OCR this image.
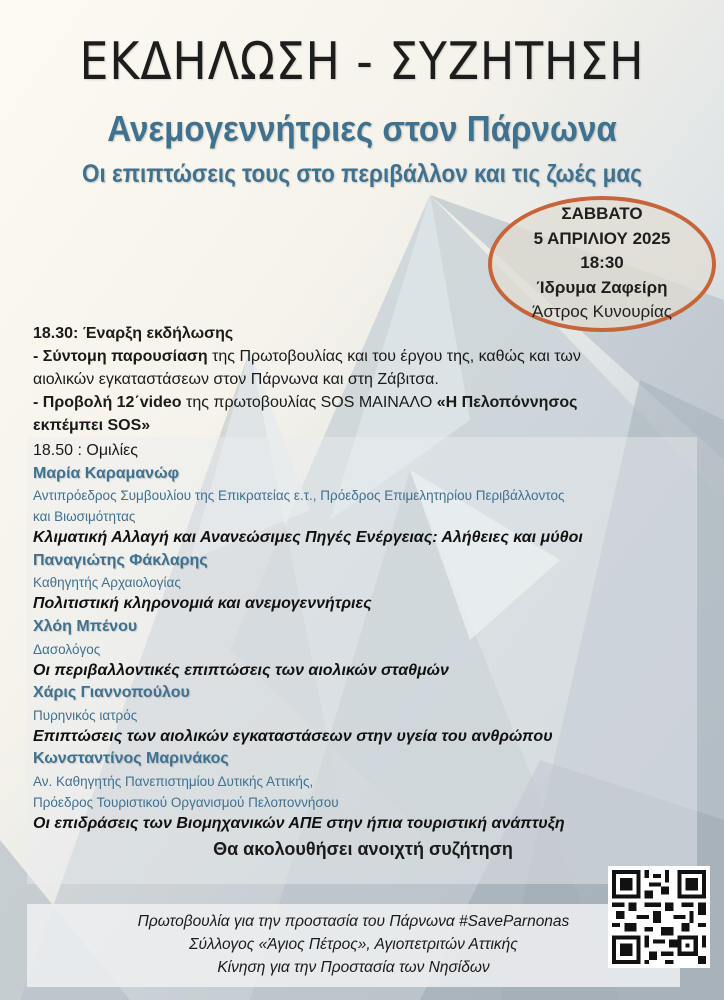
ΕΚΔΗΛΩΣΗ - ΣΥΖΗΤΗΣΗ
Ανεμογεννήτριες στον Πάρνωνα
Οι επιπτώσεις τους στο περιβάλλον και τις ζωές μας
ΣΑΒΒΑΤΟ
5 ΑΠΡΙΛΙΟΥ 2025
18:30
Ίδρυμα Ζαφείρη
Άστρος Κυνουρίας
18.30: Έναρξη εκδήλωσης
- Σύντομη παρουσίαση της Πρωτοβουλίας και του έργου της, καθώς και των
αιολικών εγκαταστάσεων στον Πάρνωνα και στη Ζάβιτσα.
- Προβολή 12΄video της πρωτοβουλίας SOS ΜΑΙΝΑΛΟ «Η Πελοπόννησος
εκπέμπει SOS»
18.50 : Ομιλίες
Μαρία Καραμανώφ
Αντιπρόεδρος Συμβουλίου της Επικρατείας ε.τ., Πρόεδρος Επιμελητηρίου Περιβάλλοντος
και Βιωσιμότητας
Κλιματική Αλλαγή και Ανανεώσιμες Πηγές Ενέργειας: Αλήθειες και μύθοι
Παναγιώτης Φάκλαρης
Καθηγητής Αρχαιολογίας
Πολιτιστική κληρονομιά και ανεμογεννήτριες
Χλόη Μπένου
Δασολόγος
Οι περιβαλλοντικές επιπτώσεις των αιολικών σταθμών
Χάρις Γιαννοπούλου
Πυρηνικός ιατρός
Επιπτώσεις των αιολικών εγκαταστάσεων στην υγεία του ανθρώπου
Κωνσταντίνος Μαρινάκος
Αν. Καθηγητής Πανεπιστημίου Δυτικής Αττικής,
Πρόεδρος Τουριστικού Οργανισμού Πελοποννήσου
Οι επιδράσεις των Βιομηχανικών ΑΠΕ στην ήπια τουριστική ανάπτυξη
Θα ακολουθήσει ανοιχτή συζήτηση
Πρωτοβουλία για την προστασία του Πάρνωνα #SaveParnonas
Σύλλογος «Άγιος Πέτρος», Αγιοπετριτών Αττικής
Κίνηση για την Προστασία των Νησίδων
